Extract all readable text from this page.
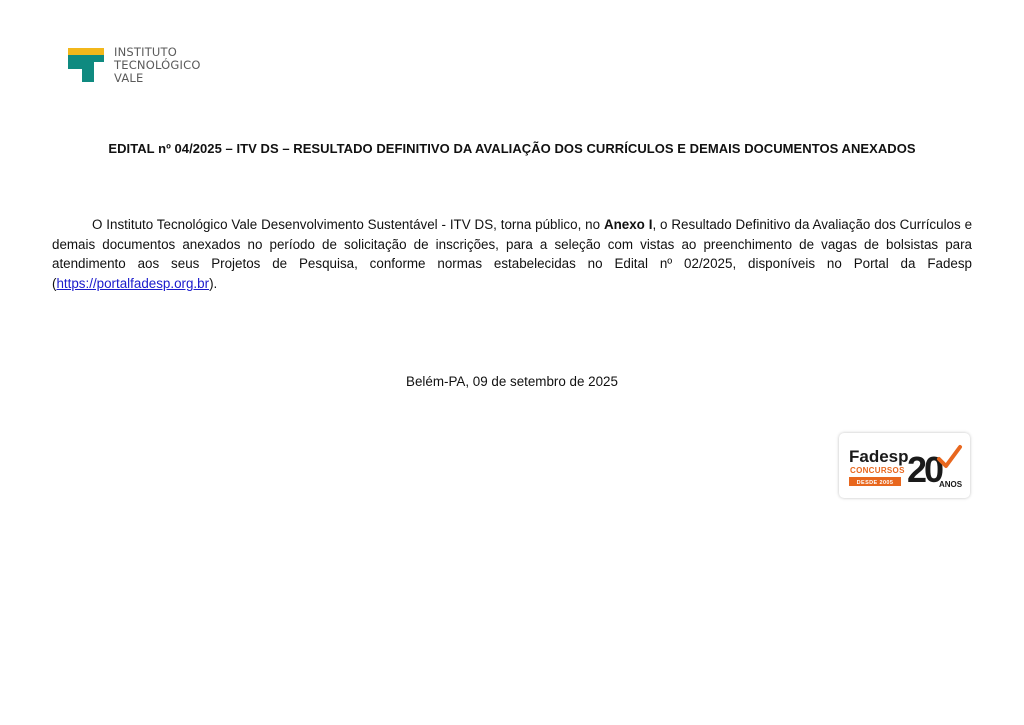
INSTITUTO
TECNOLÓGICO
VALE
EDITAL nº 04/2025 – ITV DS – RESULTADO DEFINITIVO DA AVALIAÇÃO DOS CURRÍCULOS E DEMAIS DOCUMENTOS ANEXADOS

O Instituto Tecnológico Vale Desenvolvimento Sustentável - ITV DS, torna público, no Anexo I, o Resultado Definitivo da Avaliação dos Currículos e demais documentos anexados no período de solicitação de inscrições, para a seleção com vistas ao preenchimento de vagas de bolsistas para atendimento aos seus Projetos de Pesquisa, conforme normas estabelecidas no Edital nº 02/2025, disponíveis no Portal da Fadesp (https://portalfadesp.org.br).

Belém-PA, 09 de setembro de 2025
Fadesp
CONCURSOS
DESDE 2005 20
ANOS
